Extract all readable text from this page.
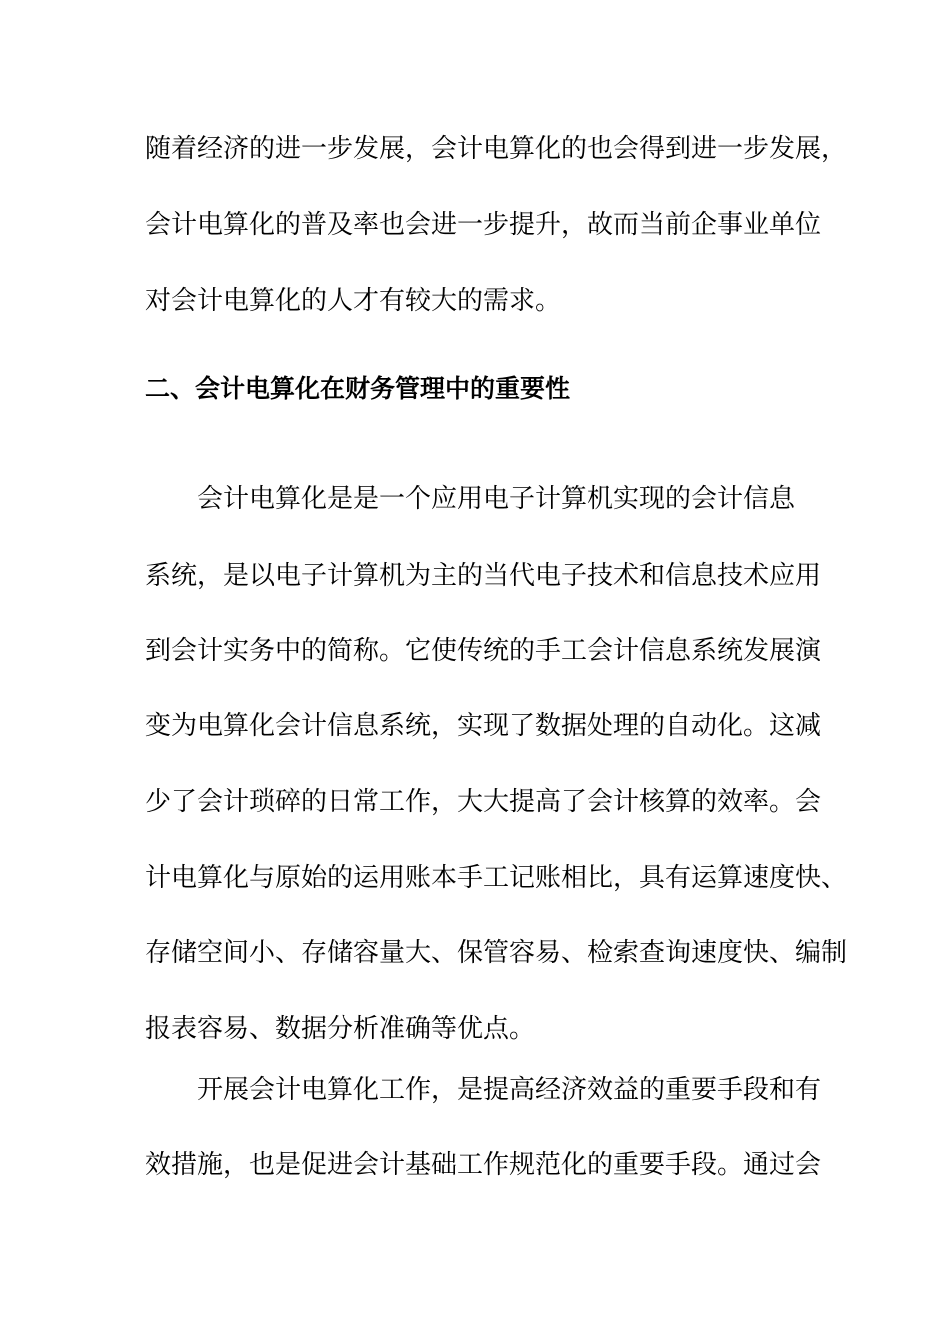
随着经济的进一步发展，会计电算化的也会得到进一步发展，
会计电算化的普及率也会进一步提升，故而当前企事业单位
对会计电算化的人才有较大的需求。
二、会计电算化在财务管理中的重要性
会计电算化是是一个应用电子计算机实现的会计信息
系统，是以电子计算机为主的当代电子技术和信息技术应用
到会计实务中的简称。它使传统的手工会计信息系统发展演
变为电算化会计信息系统，实现了数据处理的自动化。这减
少了会计琐碎的日常工作，大大提高了会计核算的效率。会
计电算化与原始的运用账本手工记账相比，具有运算速度快、
存储空间小、存储容量大、保管容易、检索查询速度快、编制
报表容易、数据分析准确等优点。
开展会计电算化工作，是提高经济效益的重要手段和有
效措施，也是促进会计基础工作规范化的重要手段。通过会
